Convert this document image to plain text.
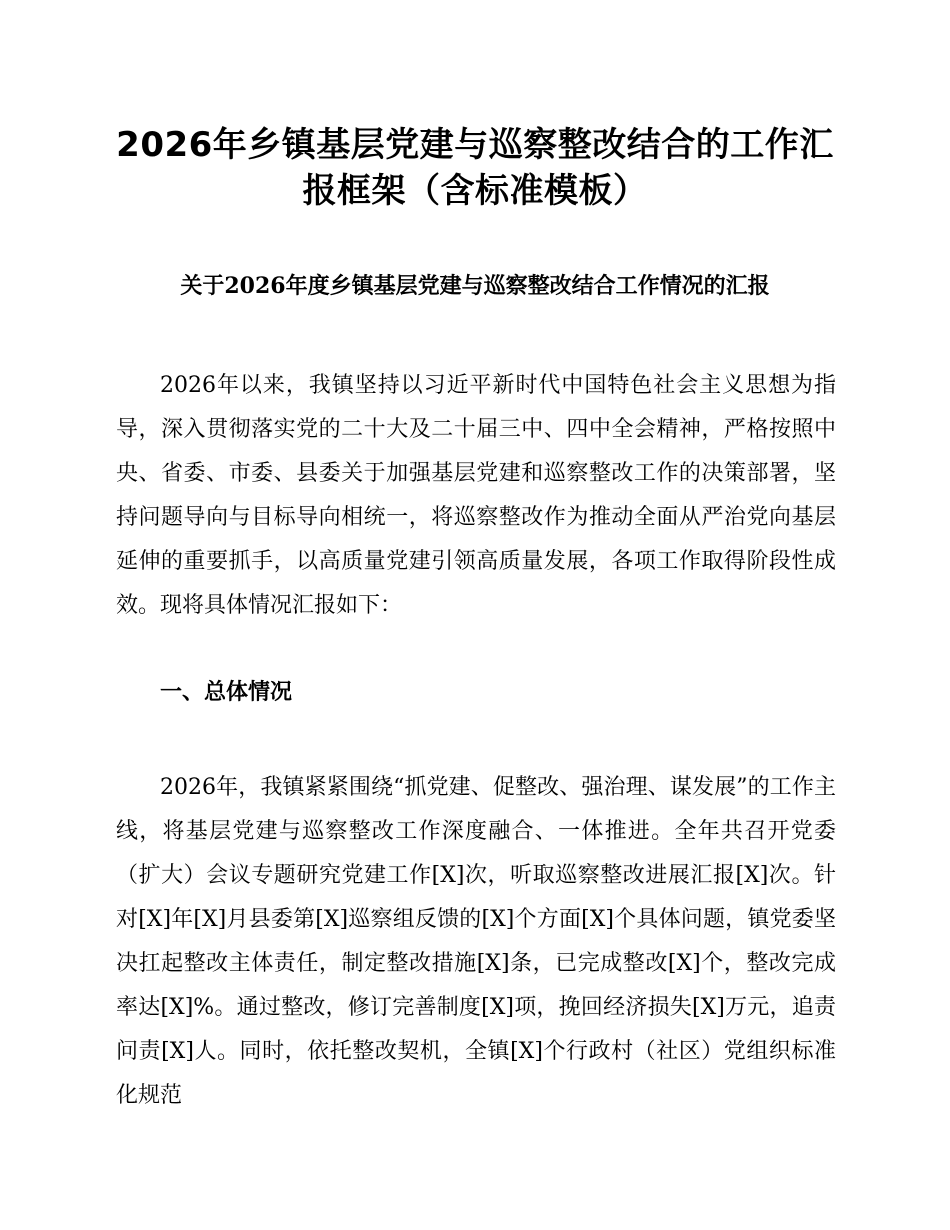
2026年乡镇基层党建与巡察整改结合的工作汇
报框架（含标准模板）
关于2026年度乡镇基层党建与巡察整改结合工作情况的汇报

2026年以来，我镇坚持以习近平新时代中国特色社会主义思想为指导，深入贯彻落实党的二十大及二十届三中、四中全会精神，严格按照中央、省委、市委、县委关于加强基层党建和巡察整改工作的决策部署，坚持问题导向与目标导向相统一，将巡察整改作为推动全面从严治党向基层延伸的重要抓手，以高质量党建引领高质量发展，各项工作取得阶段性成效。现将具体情况汇报如下：

一、总体情况

2026年，我镇紧紧围绕“抓党建、促整改、强治理、谋发展”的工作主线，将基层党建与巡察整改工作深度融合、一体推进。全年共召开党委（扩大）会议专题研究党建工作[X]次，听取巡察整改进展汇报[X]次。针对[X]年[X]月县委第[X]巡察组反馈的[X]个方面[X]个具体问题，镇党委坚决扛起整改主体责任，制定整改措施[X]条，已完成整改[X]个，整改完成率达[X]%。通过整改，修订完善制度[X]项，挽回经济损失[X]万元，追责问责[X]人。同时，依托整改契机，全镇[X]个行政村（社区）党组织标准化规范
